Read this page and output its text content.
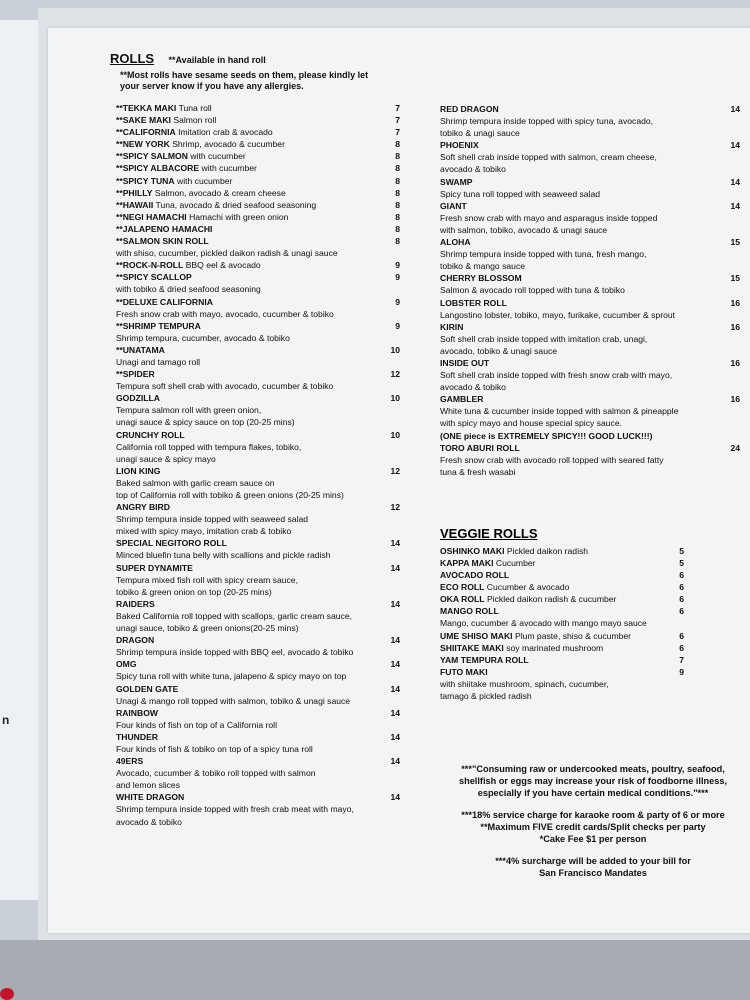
n
ROLLS **Available in hand roll
**Most rolls have sesame seeds on them, please kindly let your server know if you have any allergies.
**TEKKA MAKI Tuna roll	7
**SAKE MAKI Salmon roll	7
**CALIFORNIA Imitation crab & avocado	7
**NEW YORK Shrimp, avocado & cucumber	8
**SPICY SALMON with cucumber	8
**SPICY ALBACORE with cucumber	8
**SPICY TUNA with cucumber	8
**PHILLY Salmon, avocado & cream cheese	8
**HAWAII Tuna, avocado & dried seafood seasoning	8
**NEGI HAMACHI Hamachi with green onion	8
**JALAPENO HAMACHI	8
**SALMON SKIN ROLL	8
with shiso, cucumber, pickled daikon radish & unagi sauce
**ROCK-N-ROLL BBQ eel & avocado	9
**SPICY SCALLOP	9
with tobiko & dried seafood seasoning
**DELUXE CALIFORNIA	9
Fresh snow crab with mayo, avocado, cucumber & tobiko
**SHRIMP TEMPURA	9
Shrimp tempura, cucumber, avocado & tobiko
**UNATAMA	10
Unagi and tamago roll
**SPIDER	12
Tempura soft shell crab with avocado, cucumber & tobiko
GODZILLA	10
Tempura salmon roll with green onion,
unagi sauce & spicy sauce on top (20-25 mins)
CRUNCHY ROLL	10
California roll topped with tempura flakes, tobiko,
unagi sauce & spicy mayo
LION KING	12
Baked salmon with garlic cream sauce on
top of California roll with tobiko & green onions (20-25 mins)
ANGRY BIRD	12
Shrimp tempura inside topped with seaweed salad
mixed with spicy mayo, imitation crab & tobiko
SPECIAL NEGITORO ROLL	14
Minced bluefin tuna belly with scallions and pickle radish
SUPER DYNAMITE	14
Tempura mixed fish roll with spicy cream sauce,
tobiko & green onion on top (20-25 mins)
RAIDERS	14
Baked California roll topped with scallops, garlic cream sauce,
unagi sauce, tobiko & green onions(20-25 mins)
DRAGON	14
Shrimp tempura inside topped with BBQ eel, avocado & tobiko
OMG	14
Spicy tuna roll with white tuna, jalapeno & spicy mayo on top
GOLDEN GATE	14
Unagi & mango roll topped with salmon, tobiko & unagi sauce
RAINBOW	14
Four kinds of fish on top of a California roll
THUNDER	14
Four kinds of fish & tobiko on top of a spicy tuna roll
49ERS	14
Avocado, cucumber & tobiko roll topped with salmon
and lemon slices
WHITE DRAGON	14
Shrimp tempura inside topped with fresh crab meat with mayo,
avocado & tobiko
RED DRAGON	14
Shrimp tempura inside topped with spicy tuna, avocado,
tobiko & unagi sauce
PHOENIX	14
Soft shell crab inside topped with salmon, cream cheese,
avocado & tobiko
SWAMP	14
Spicy tuna roll topped with seaweed salad
GIANT	14
Fresh snow crab with mayo and asparagus inside topped
with salmon, tobiko, avocado & unagi sauce
ALOHA	15
Shrimp tempura inside topped with tuna, fresh mango,
tobiko & mango sauce
CHERRY BLOSSOM	15
Salmon & avocado roll topped with tuna & tobiko
LOBSTER ROLL	16
Langostino lobster, tobiko, mayo, furikake, cucumber & sprout
KIRIN	16
Soft shell crab inside topped with imitation crab, unagi,
avocado, tobiko & unagi sauce
INSIDE OUT	16
Soft shell crab inside topped with fresh snow crab with mayo,
avocado & tobiko
GAMBLER	16
White tuna & cucumber inside topped with salmon & pineapple
with spicy mayo and house special spicy sauce.
(ONE piece is EXTREMELY SPICY!!! GOOD LUCK!!!)
TORO ABURI ROLL	24
Fresh snow crab with avocado roll topped with seared fatty
tuna & fresh wasabi
VEGGIE ROLLS
OSHINKO MAKI Pickled daikon radish	5
KAPPA MAKI Cucumber	5
AVOCADO ROLL	6
ECO ROLL Cucumber & avocado	6
OKA ROLL Pickled daikon radish & cucumber	6
MANGO ROLL	6
Mango, cucumber & avocado with mango mayo sauce
UME SHISO MAKI Plum paste, shiso & cucumber	6
SHIITAKE MAKI soy marinated mushroom	6
YAM TEMPURA ROLL	7
FUTO MAKI	9
with shiitake mushroom, spinach, cucumber,
tamago & pickled radish
***"Consuming raw or undercooked meats, poultry, seafood,
shellfish or eggs may increase your risk of foodborne illness,
especially if you have certain medical conditions."***
***18% service charge for karaoke room & party of 6 or more
**Maximum FIVE credit cards/Split checks per party
*Cake Fee $1 per person
***4% surcharge will be added to your bill for
San Francisco Mandates
